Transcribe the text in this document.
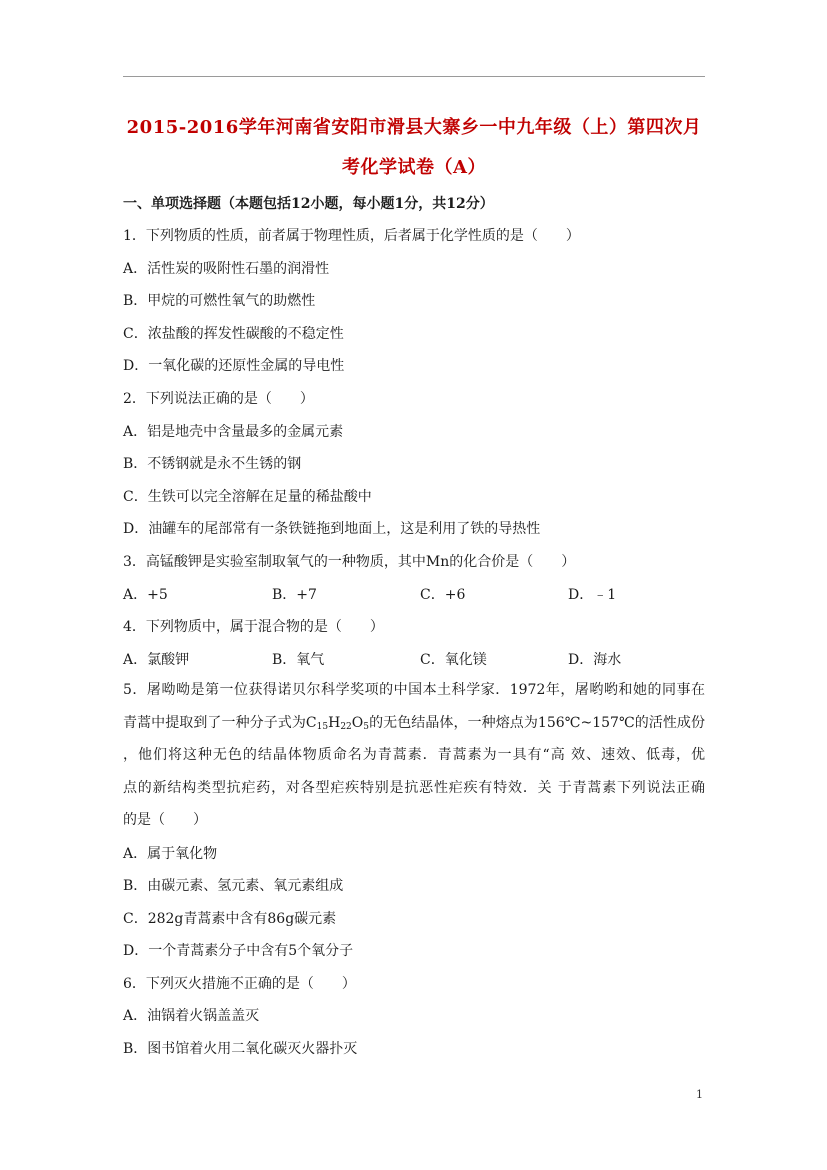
2015-2016学年河南省安阳市滑县大寨乡一中九年级（上）第四次月
考化学试卷（A）
一、单项选择题（本题包括12小题，每小题1分，共12分）
1．下列物质的性质，前者属于物理性质，后者属于化学性质的是（　　）
A．活性炭的吸附性石墨的润滑性
B．甲烷的可燃性氧气的助燃性
C．浓盐酸的挥发性碳酸的不稳定性
D．一氧化碳的还原性金属的导电性
2．下列说法正确的是（　　）
A．铝是地壳中含量最多的金属元素
B．不锈钢就是永不生锈的钢
C．生铁可以完全溶解在足量的稀盐酸中
D．油罐车的尾部常有一条铁链拖到地面上，这是利用了铁的导热性
3．高锰酸钾是实验室制取氧气的一种物质，其中Mn的化合价是（　　）
A．+5	B．+7	C．+6	D．﹣1
4．下列物质中，属于混合物的是（　　）
A．氯酸钾	B．氧气	C．氧化镁	D．海水
5．屠呦呦是第一位获得诺贝尔科学奖项的中国本土科学家．1972年，屠哟哟和她的同事在
青蒿中提取到了一种分子式为$C_{15}H_{22}O_5$的无色结晶体，一种熔点为156℃~157℃的活性成份
，他们将这种无色的结晶体物质命名为青蒿素．青蒿素为一具有“高 效、速效、低毒，优
点的新结构类型抗疟药，对各型疟疾特别是抗恶性疟疾有特效．关 于青蒿素下列说法正确
的是（　　）
A．属于氧化物
B．由碳元素、氢元素、氧元素组成
C．282g青蒿素中含有86g碳元素
D．一个青蒿素分子中含有5个氧分子
6．下列灭火措施不正确的是（　　）
A．油锅着火锅盖盖灭
B．图书馆着火用二氧化碳灭火器扑灭
1
